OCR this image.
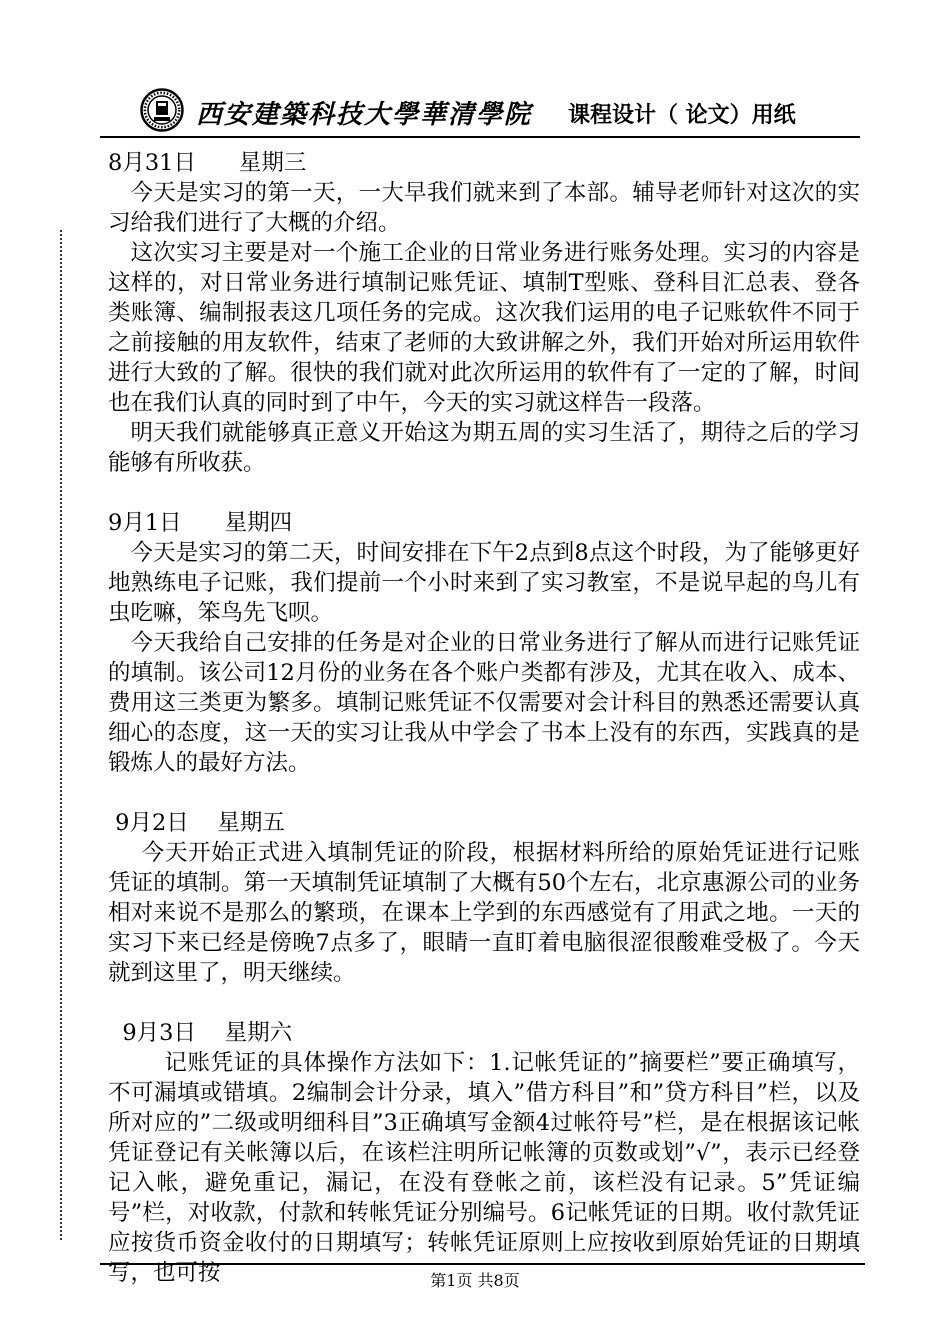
西安建築科技大學華清學院 课程设计（ 论文）用纸
8月31日 星期三
今天是实习的第一天，一大早我们就来到了本部。辅导老师针对这次的实习给我们进行了大概的介绍。
这次实习主要是对一个施工企业的日常业务进行账务处理。实习的内容是这样的，对日常业务进行填制记账凭证、填制T型账、登科目汇总表、登各类账簿、编制报表这几项任务的完成。这次我们运用的电子记账软件不同于之前接触的用友软件，结束了老师的大致讲解之外，我们开始对所运用软件进行大致的了解。很快的我们就对此次所运用的软件有了一定的了解，时间也在我们认真的同时到了中午，今天的实习就这样告一段落。
明天我们就能够真正意义开始这为期五周的实习生活了，期待之后的学习能够有所收获。
9月1日 星期四
今天是实习的第二天，时间安排在下午2点到8点这个时段，为了能够更好地熟练电子记账，我们提前一个小时来到了实习教室，不是说早起的鸟儿有虫吃嘛，笨鸟先飞呗。
今天我给自己安排的任务是对企业的日常业务进行了解从而进行记账凭证的填制。该公司12月份的业务在各个账户类都有涉及，尤其在收入、成本、费用这三类更为繁多。填制记账凭证不仅需要对会计科目的熟悉还需要认真细心的态度，这一天的实习让我从中学会了书本上没有的东西，实践真的是锻炼人的最好方法。
9月2日 星期五
今天开始正式进入填制凭证的阶段，根据材料所给的原始凭证进行记账凭证的填制。第一天填制凭证填制了大概有50个左右，北京惠源公司的业务相对来说不是那么的繁琐，在课本上学到的东西感觉有了用武之地。一天的实习下来已经是傍晚7点多了，眼睛一直盯着电脑很涩很酸难受极了。今天就到这里了，明天继续。
9月3日 星期六
记账凭证的具体操作方法如下：1.记帐凭证的”摘要栏”要正确填写，不可漏填或错填。2编制会计分录，填入”借方科目”和”贷方科目”栏，以及所对应的”二级或明细科目”3正确填写金额4过帐符号”栏，是在根据该记帐凭证登记有关帐簿以后，在该栏注明所记帐簿的页数或划”√”，表示已经登记入帐，避免重记，漏记，在没有登帐之前，该栏没有记录。5”凭证编号”栏，对收款，付款和转帐凭证分别编号。6记帐凭证的日期。收付款凭证应按货币资金收付的日期填写；转帐凭证原则上应按收到原始凭证的日期填写，也可按	第1页 共8页
